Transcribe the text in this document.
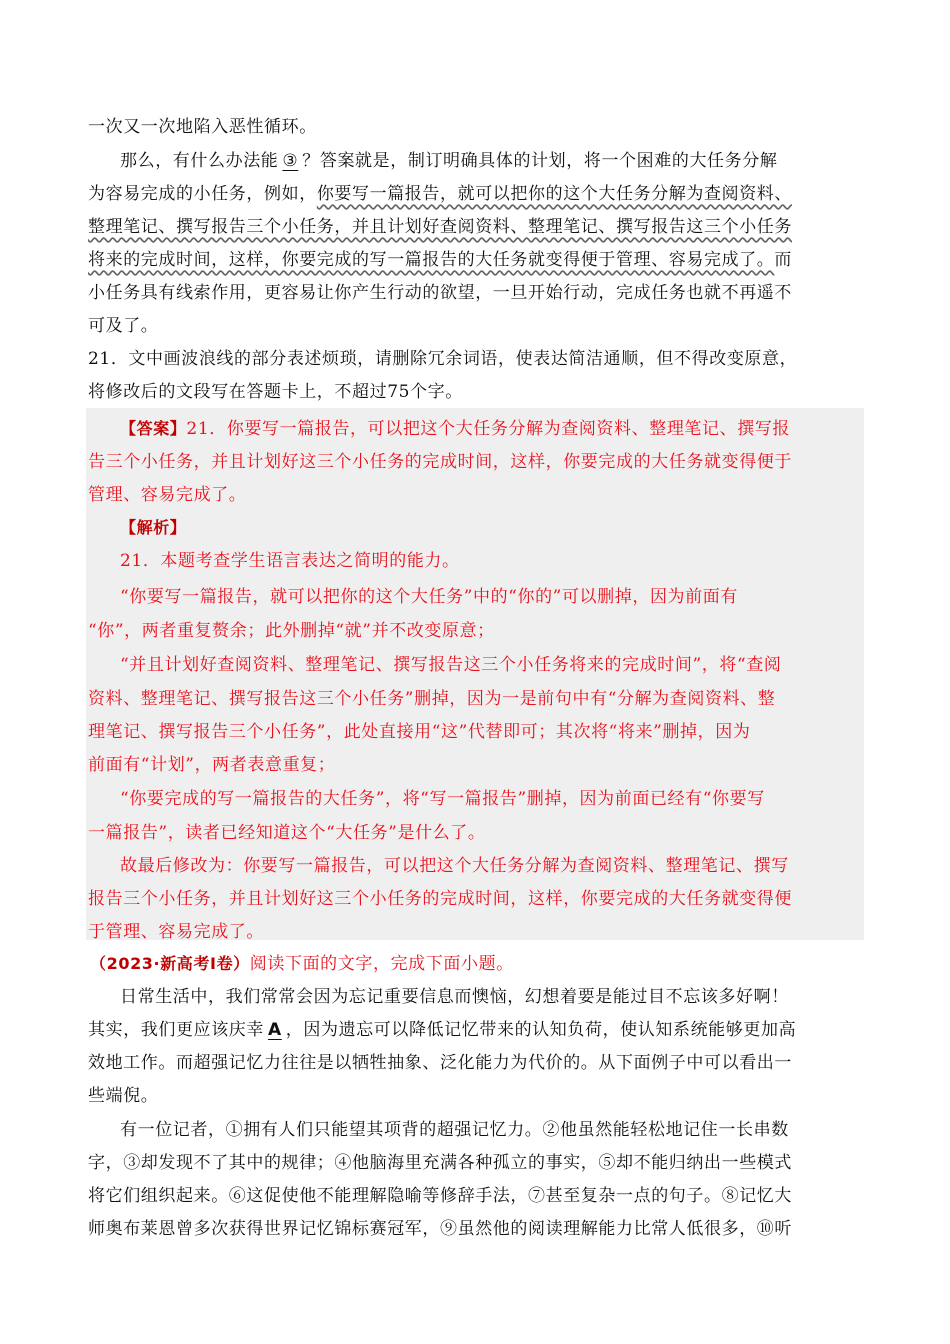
一次又一次地陷入恶性循环。
那么，有什么办法能 ③ ？答案就是，制订明确具体的计划，将一个困难的大任务分解
为容易完成的小任务，例如，你要写一篇报告，就可以把你的这个大任务分解为查阅资料、
整理笔记、撰写报告三个小任务，并且计划好查阅资料、整理笔记、撰写报告这三个小任务
将来的完成时间，这样，你要完成的写一篇报告的大任务就变得便于管理、容易完成了。而
小任务具有线索作用，更容易让你产生行动的欲望，一旦开始行动，完成任务也就不再遥不
可及了。
21．文中画波浪线的部分表述烦琐，请删除冗余词语，使表达简洁通顺，但不得改变原意，
将修改后的文段写在答题卡上，不超过75个字。
【答案】21．你要写一篇报告，可以把这个大任务分解为查阅资料、整理笔记、撰写报
告三个小任务，并且计划好这三个小任务的完成时间，这样，你要完成的大任务就变得便于
管理、容易完成了。
【解析】
21．本题考查学生语言表达之简明的能力。
“你要写一篇报告，就可以把你的这个大任务”中的“你的”可以删掉，因为前面有
“你”，两者重复赘余；此外删掉“就”并不改变原意；
“并且计划好查阅资料、整理笔记、撰写报告这三个小任务将来的完成时间”，将“查阅
资料、整理笔记、撰写报告这三个小任务”删掉，因为一是前句中有“分解为查阅资料、整
理笔记、撰写报告三个小任务”，此处直接用“这”代替即可；其次将“将来”删掉，因为
前面有“计划”，两者表意重复；
“你要完成的写一篇报告的大任务”，将“写一篇报告”删掉，因为前面已经有“你要写
一篇报告”，读者已经知道这个“大任务”是什么了。
故最后修改为：你要写一篇报告，可以把这个大任务分解为查阅资料、整理笔记、撰写
报告三个小任务，并且计划好这三个小任务的完成时间，这样，你要完成的大任务就变得便
于管理、容易完成了。
（2023·新高考Ⅰ卷）阅读下面的文字，完成下面小题。
日常生活中，我们常常会因为忘记重要信息而懊恼，幻想着要是能过目不忘该多好啊！
其实，我们更应该庆幸 A ，因为遗忘可以降低记忆带来的认知负荷，使认知系统能够更加高
效地工作。而超强记忆力往往是以牺牲抽象、泛化能力为代价的。从下面例子中可以看出一
些端倪。
有一位记者，①拥有人们只能望其项背的超强记忆力。②他虽然能轻松地记住一长串数
字，③却发现不了其中的规律；④他脑海里充满各种孤立的事实，⑤却不能归纳出一些模式
将它们组织起来。⑥这促使他不能理解隐喻等修辞手法，⑦甚至复杂一点的句子。⑧记忆大
师奥布莱恩曾多次获得世界记忆锦标赛冠军，⑨虽然他的阅读理解能力比常人低很多，⑩听
